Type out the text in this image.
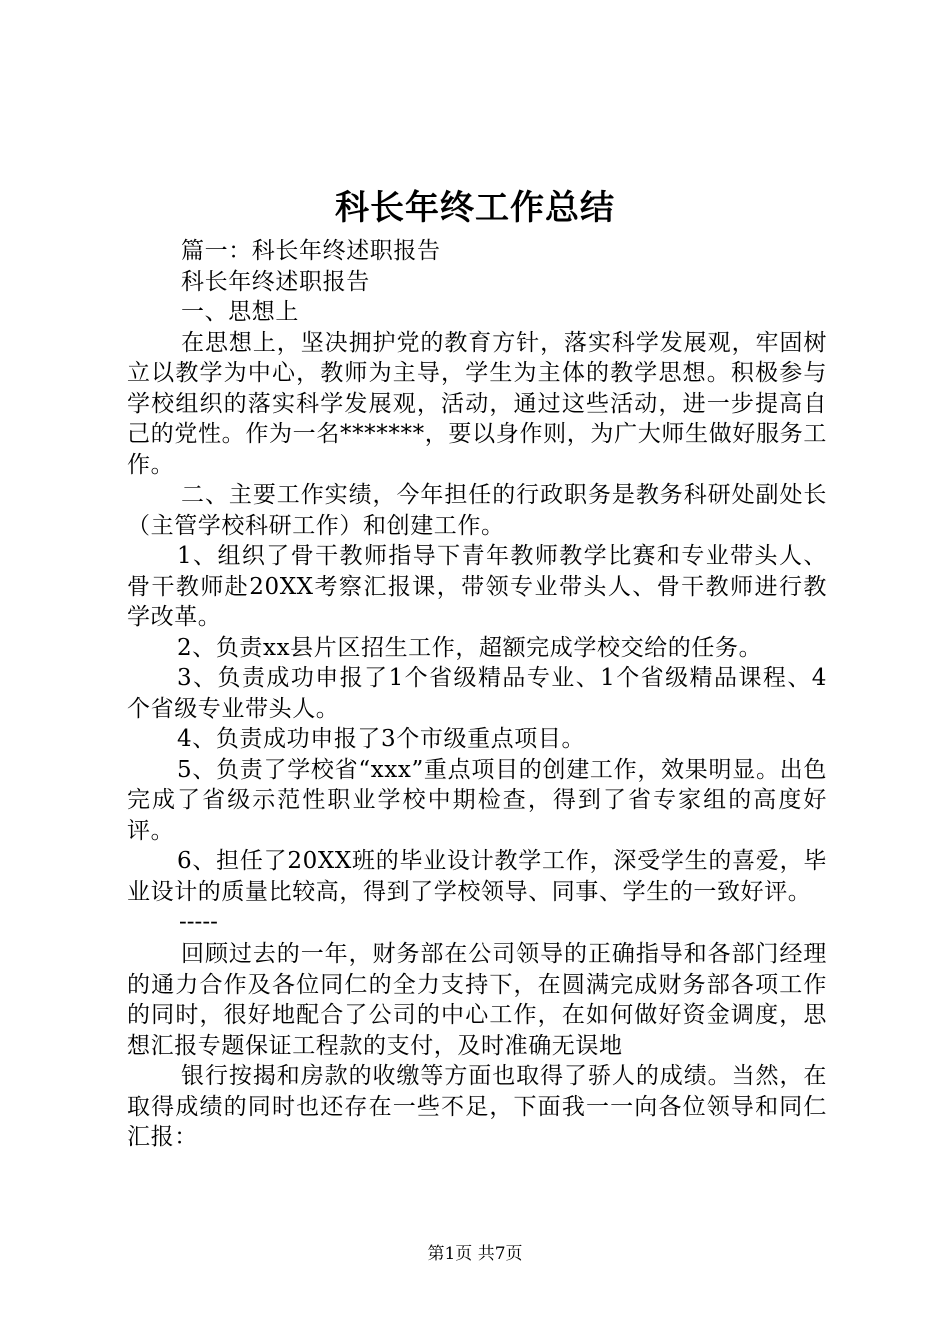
科长年终工作总结

篇一：科长年终述职报告

科长年终述职报告

一、思想上

在思想上，坚决拥护党的教育方针，落实科学发展观，牢固树立以教学为中心，教师为主导，学生为主体的教学思想。积极参与学校组织的落实科学发展观，活动，通过这些活动，进一步提高自己的党性。作为一名*******，要以身作则，为广大师生做好服务工作。

二、主要工作实绩，今年担任的行政职务是教务科研处副处长（主管学校科研工作）和创建工作。

1、组织了骨干教师指导下青年教师教学比赛和专业带头人、骨干教师赴20XX考察汇报课，带领专业带头人、骨干教师进行教学改革。

2、负责xx县片区招生工作，超额完成学校交给的任务。

3、负责成功申报了1个省级精品专业、1个省级精品课程、4个省级专业带头人。

4、负责成功申报了3个市级重点项目。

5、负责了学校省“xxx”重点项目的创建工作，效果明显。出色完成了省级示范性职业学校中期检查，得到了省专家组的高度好评。

6、担任了20XX班的毕业设计教学工作，深受学生的喜爱，毕业设计的质量比较高，得到了学校领导、同事、学生的一致好评。

-----

回顾过去的一年，财务部在公司领导的正确指导和各部门经理的通力合作及各位同仁的全力支持下，在圆满完成财务部各项工作的同时，很好地配合了公司的中心工作，在如何做好资金调度，思想汇报专题保证工程款的支付，及时准确无误地

银行按揭和房款的收缴等方面也取得了骄人的成绩。当然，在取得成绩的同时也还存在一些不足，下面我一一向各位领导和同仁汇报：

第1页 共7页
